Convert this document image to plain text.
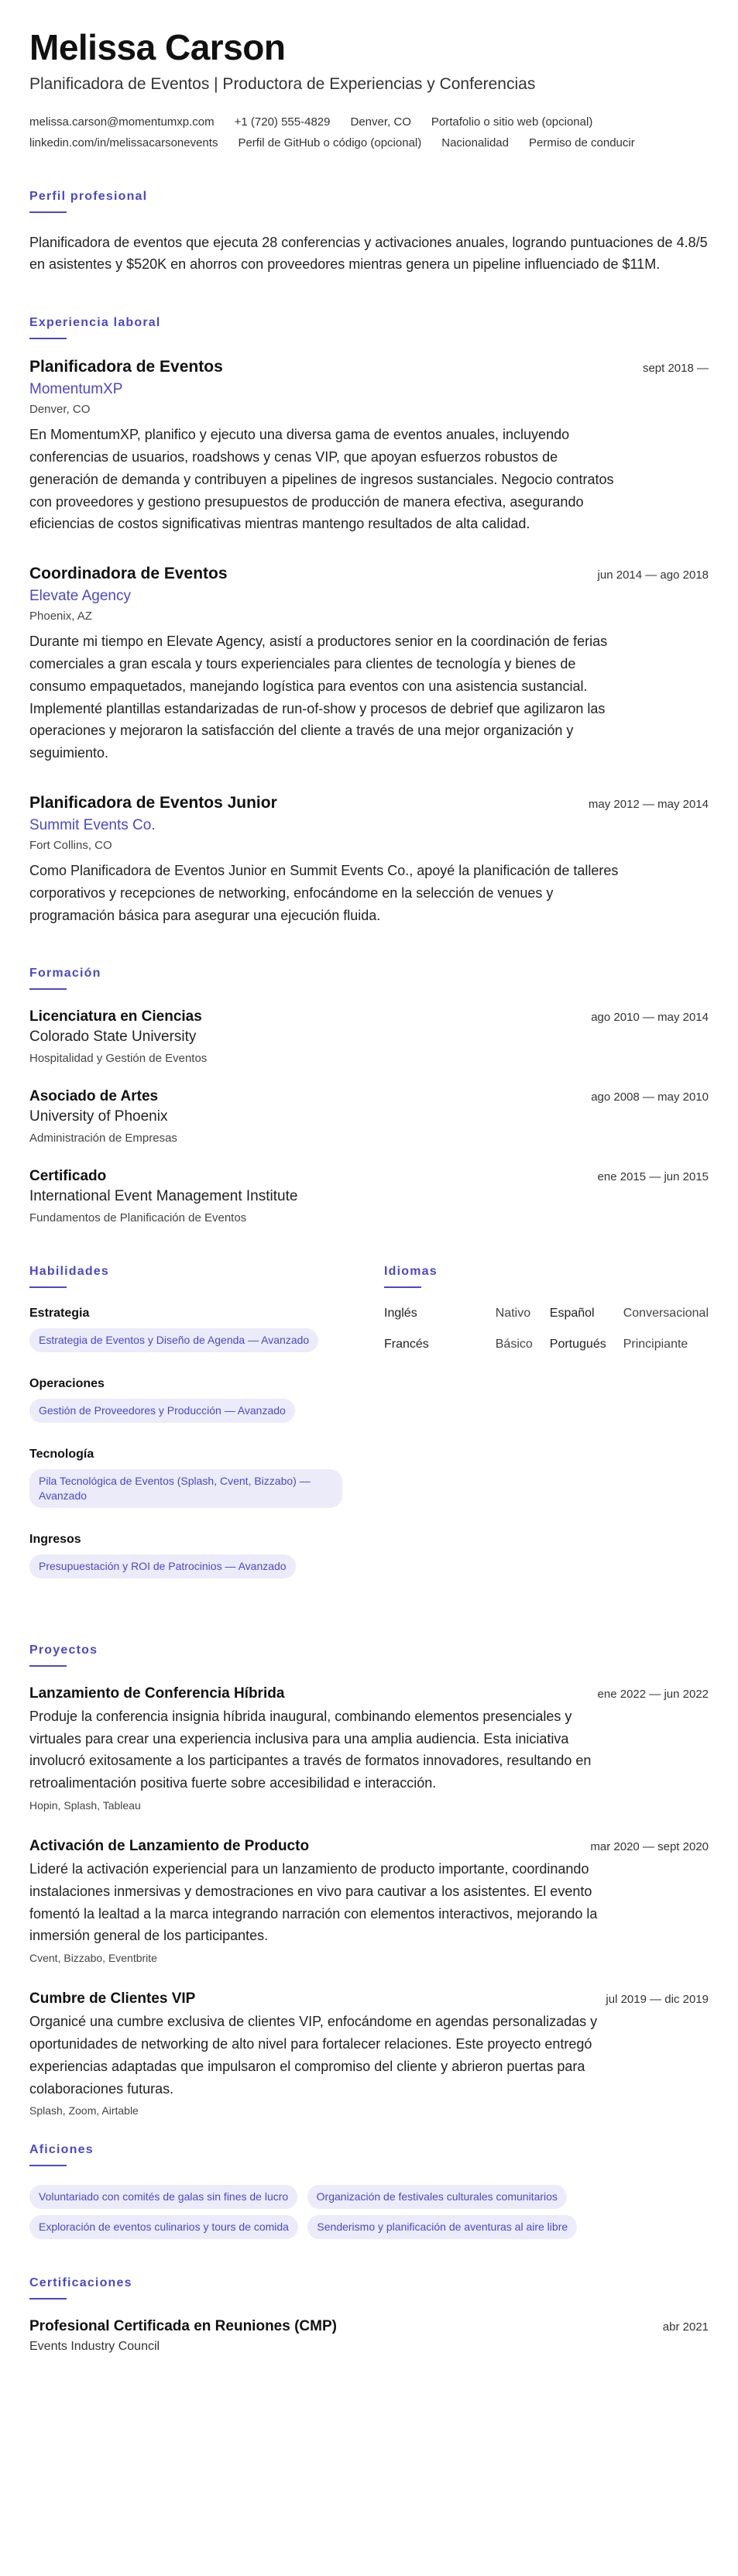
Melissa Carson
Planificadora de Eventos | Productora de Experiencias y Conferencias
melissa.carson@momentumxp.com +1 (720) 555-4829 Denver, CO Portafolio o sitio web (opcional)
linkedin.com/in/melissacarsonevents Perfil de GitHub o código (opcional) Nacionalidad Permiso de conducir
Perfil profesional

Planificadora de eventos que ejecuta 28 conferencias y activaciones anuales, logrando puntuaciones de 4.8/5 en asistentes y $520K en ahorros con proveedores mientras genera un pipeline influenciado de $11M.

Experiencia laboral
Planificadora de Eventos	sept 2018 —
MomentumXP
Denver, CO
En MomentumXP, planifico y ejecuto una diversa gama de eventos anuales, incluyendo conferencias de usuarios, roadshows y cenas VIP, que apoyan esfuerzos robustos de generación de demanda y contribuyen a pipelines de ingresos sustanciales. Negocio contratos con proveedores y gestiono presupuestos de producción de manera efectiva, asegurando eficiencias de costos significativas mientras mantengo resultados de alta calidad.
Coordinadora de Eventos	jun 2014 — ago 2018
Elevate Agency
Phoenix, AZ
Durante mi tiempo en Elevate Agency, asistí a productores senior en la coordinación de ferias comerciales a gran escala y tours experienciales para clientes de tecnología y bienes de consumo empaquetados, manejando logística para eventos con una asistencia sustancial. Implementé plantillas estandarizadas de run-of-show y procesos de debrief que agilizaron las operaciones y mejoraron la satisfacción del cliente a través de una mejor organización y seguimiento.
Planificadora de Eventos Junior	may 2012 — may 2014
Summit Events Co.
Fort Collins, CO
Como Planificadora de Eventos Junior en Summit Events Co., apoyé la planificación de talleres corporativos y recepciones de networking, enfocándome en la selección de venues y programación básica para asegurar una ejecución fluida.
Formación
Licenciatura en Ciencias	ago 2010 — may 2014
Colorado State University
Hospitalidad y Gestión de Eventos
Asociado de Artes	ago 2008 — may 2010
University of Phoenix
Administración de Empresas
Certificado	ene 2015 — jun 2015
International Event Management Institute
Fundamentos de Planificación de Eventos
Habilidades
Estrategia
Estrategia de Eventos y Diseño de Agenda — Avanzado
Operaciones
Gestión de Proveedores y Producción — Avanzado
Tecnología
Pila Tecnológica de Eventos (Splash, Cvent, Bizzabo) — Avanzado
Ingresos
Presupuestación y ROI de Patrocinios — Avanzado
Idiomas
Inglés	Nativo Español	Conversacional
Francés	Básico Portugués Principiante
Proyectos
Lanzamiento de Conferencia Híbrida	ene 2022 — jun 2022
Produje la conferencia insignia híbrida inaugural, combinando elementos presenciales y virtuales para crear una experiencia inclusiva para una amplia audiencia. Esta iniciativa involucró exitosamente a los participantes a través de formatos innovadores, resultando en retroalimentación positiva fuerte sobre accesibilidad e interacción.
Hopin, Splash, Tableau
Activación de Lanzamiento de Producto	mar 2020 — sept 2020
Lideré la activación experiencial para un lanzamiento de producto importante, coordinando instalaciones inmersivas y demostraciones en vivo para cautivar a los asistentes. El evento fomentó la lealtad a la marca integrando narración con elementos interactivos, mejorando la inmersión general de los participantes.
Cvent, Bizzabo, Eventbrite
Cumbre de Clientes VIP	jul 2019 — dic 2019
Organicé una cumbre exclusiva de clientes VIP, enfocándome en agendas personalizadas y oportunidades de networking de alto nivel para fortalecer relaciones. Este proyecto entregó experiencias adaptadas que impulsaron el compromiso del cliente y abrieron puertas para colaboraciones futuras.
Splash, Zoom, Airtable
Aficiones
Voluntariado con comités de galas sin fines de lucro	Organización de festivales culturales comunitarios Exploración de eventos culinarios y tours de comida	Senderismo y planificación de aventuras al aire libre
Certificaciones
Profesional Certificada en Reuniones (CMP)	abr 2021
Events Industry Council
